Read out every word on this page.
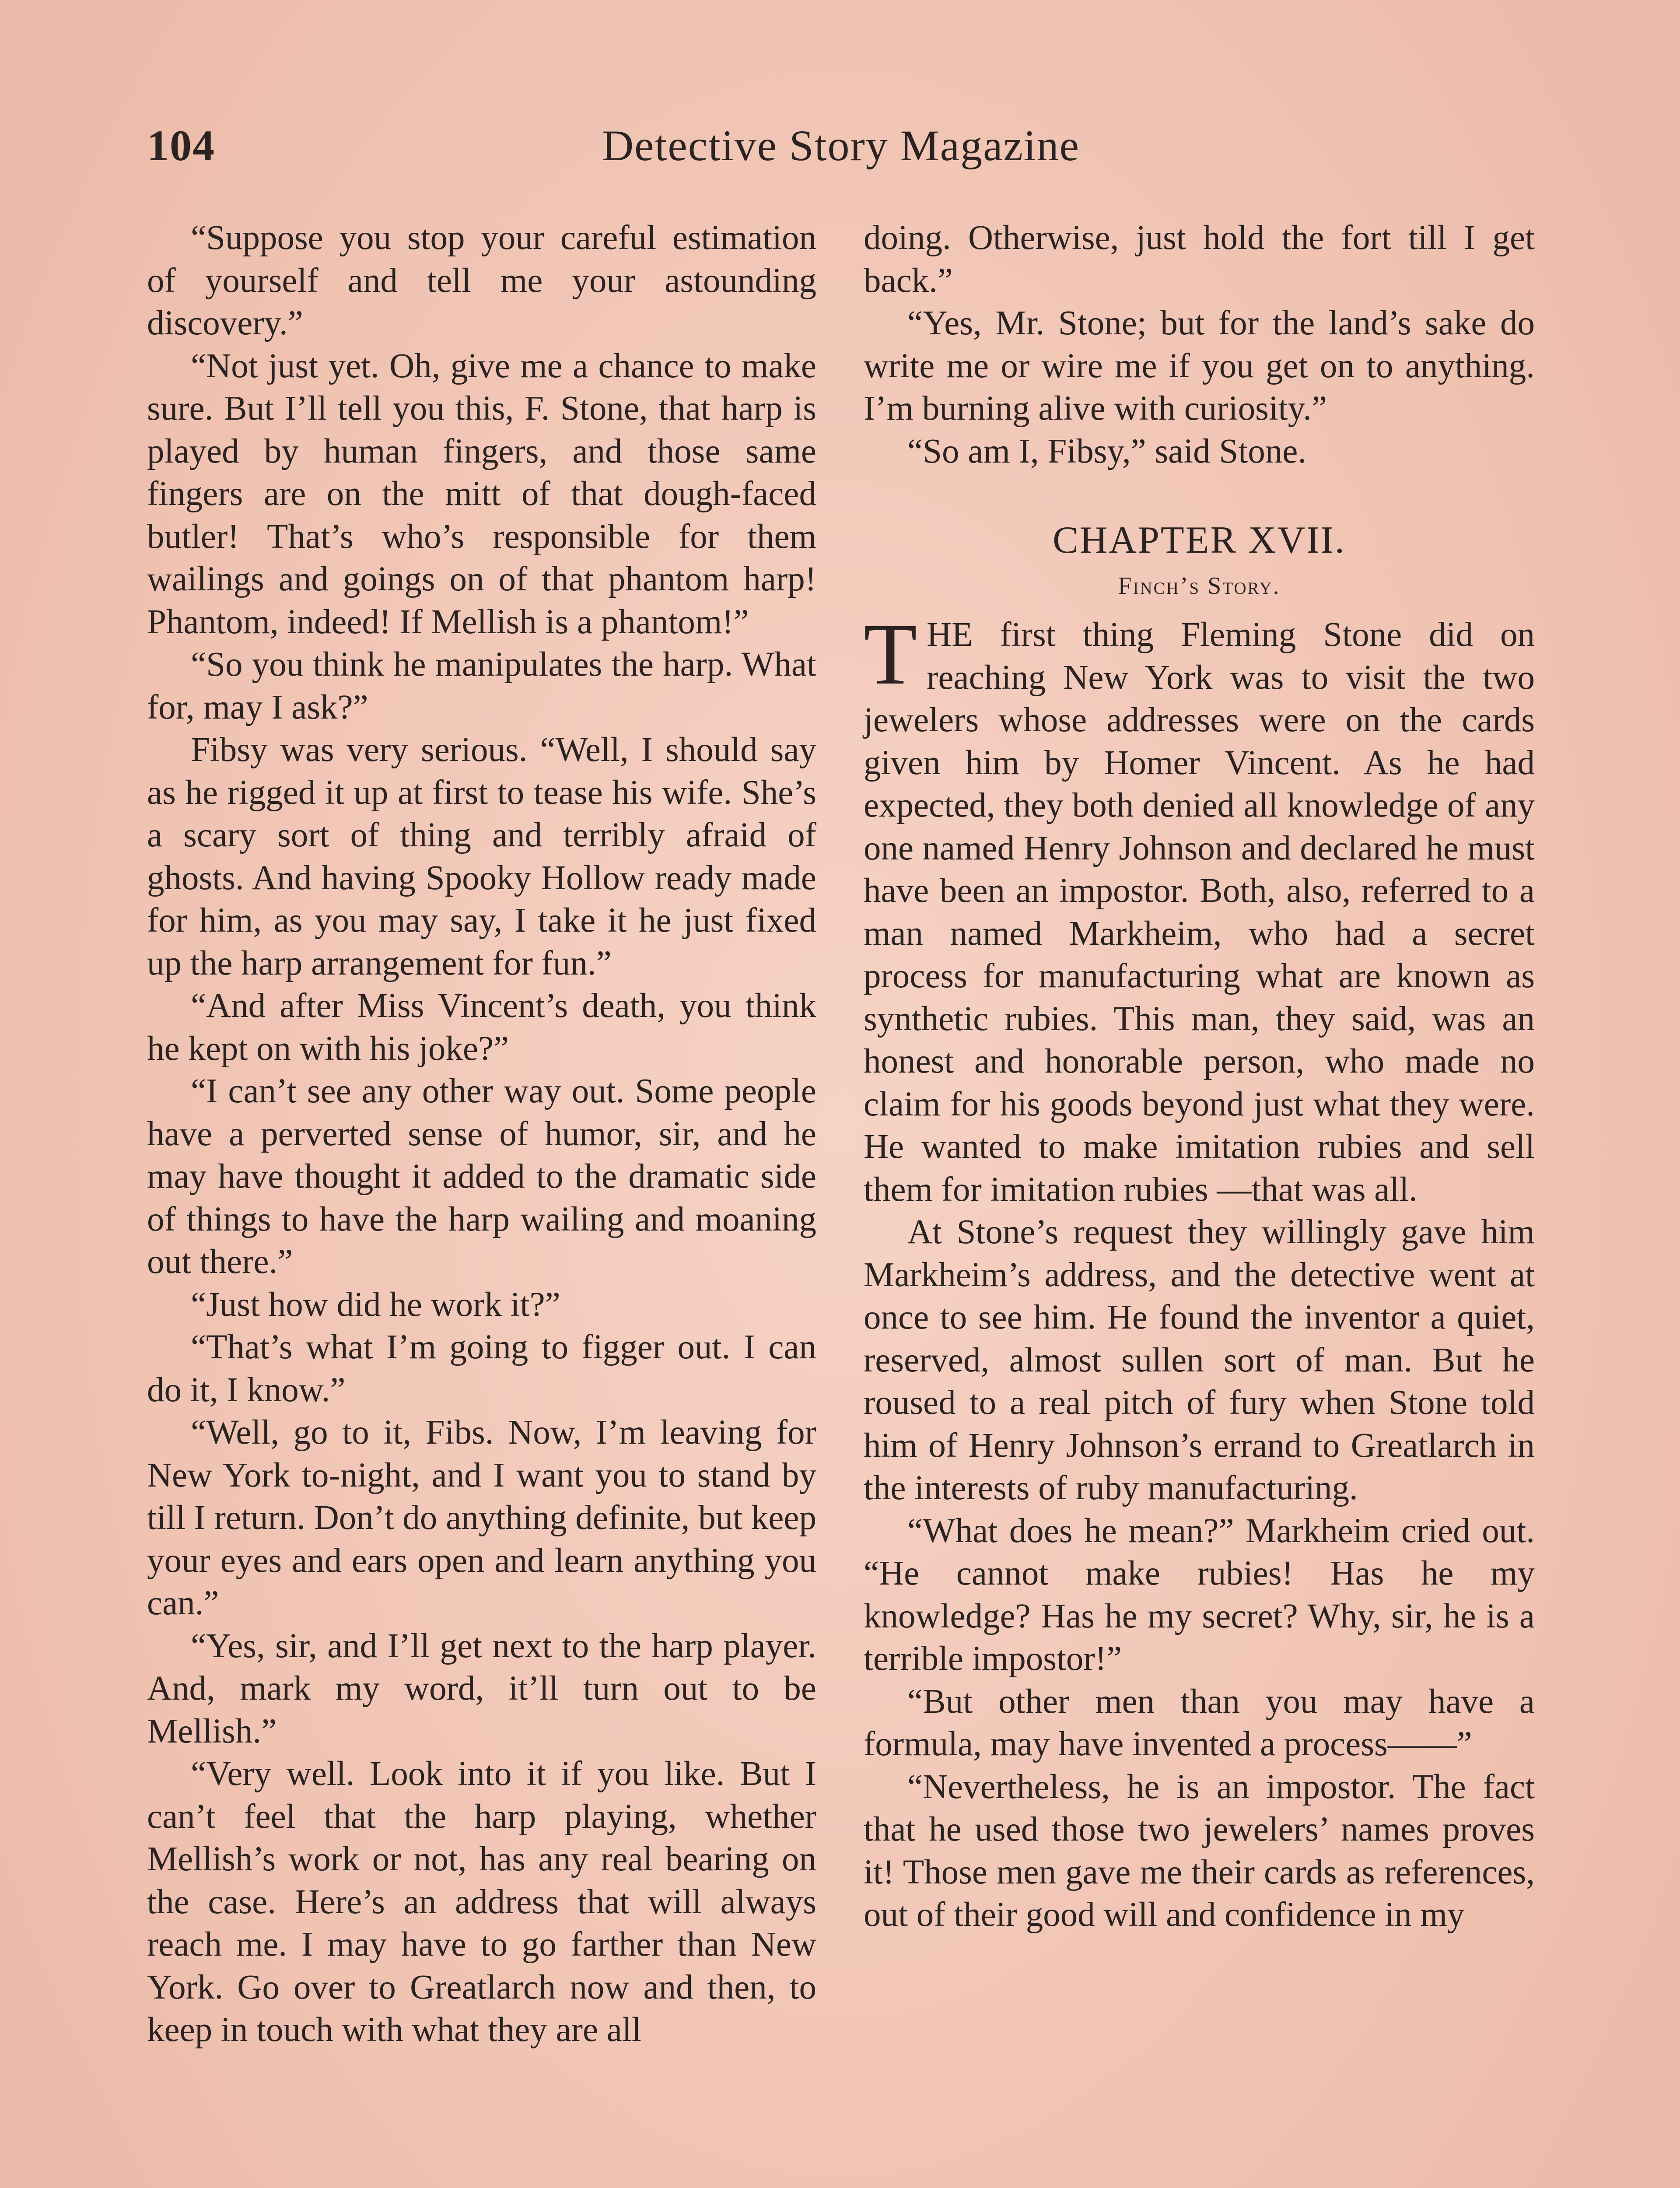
104	Detective Story Magazine

“Suppose you stop your careful estimation of yourself and tell me your astounding discovery.”

“Not just yet. Oh, give me a chance to make sure. But I’ll tell you this, F. Stone, that harp is played by human fingers, and those same fingers are on the mitt of that dough-faced butler! That’s who’s responsible for them wailings and goings on of that phantom harp! Phantom, indeed! If Mellish is a phantom!”

“So you think he manipulates the harp. What for, may I ask?”

Fibsy was very serious. “Well, I should say as he rigged it up at first to tease his wife. She’s a scary sort of thing and terribly afraid of ghosts. And having Spooky Hollow ready made for him, as you may say, I take it he just fixed up the harp arrangement for fun.”

“And after Miss Vincent’s death, you think he kept on with his joke?”

“I can’t see any other way out. Some people have a perverted sense of humor, sir, and he may have thought it added to the dramatic side of things to have the harp wailing and moaning out there.”

“Just how did he work it?”

“That’s what I’m going to figger out. I can do it, I know.”

“Well, go to it, Fibs. Now, I’m leaving for New York to-night, and I want you to stand by till I return. Don’t do anything definite, but keep your eyes and ears open and learn anything you can.”

“Yes, sir, and I’ll get next to the harp player. And, mark my word, it’ll turn out to be Mellish.”

“Very well. Look into it if you like. But I can’t feel that the harp playing, whether Mellish’s work or not, has any real bearing on the case. Here’s an address that will always reach me. I may have to go farther than New York. Go over to Greatlarch now and then, to keep in touch with what they are all

doing. Otherwise, just hold the fort till I get back.”

“Yes, Mr. Stone; but for the land’s sake do write me or wire me if you get on to anything. I’m burning alive with curiosity.”

“So am I, Fibsy,” said Stone.

CHAPTER XVII.
Finch’s Story.

THE first thing Fleming Stone did on reaching New York was to visit the two jewelers whose addresses were on the cards given him by Homer Vincent. As he had expected, they both denied all knowledge of any one named Henry Johnson and declared he must have been an impostor. Both, also, referred to a man named Markheim, who had a secret process for manufacturing what are known as synthetic rubies. This man, they said, was an honest and honorable person, who made no claim for his goods beyond just what they were. He wanted to make imitation rubies and sell them for imitation rubies —that was all.

At Stone’s request they willingly gave him Markheim’s address, and the detective went at once to see him. He found the inventor a quiet, reserved, almost sullen sort of man. But he roused to a real pitch of fury when Stone told him of Henry Johnson’s errand to Greatlarch in the interests of ruby manufacturing.

“What does he mean?” Markheim cried out. “He cannot make rubies! Has he my knowledge? Has he my secret? Why, sir, he is a terrible impostor!”

“But other men than you may have a formula, may have invented a process——”

“Nevertheless, he is an impostor. The fact that he used those two jewelers’ names proves it! Those men gave me their cards as references, out of their good will and confidence in my
